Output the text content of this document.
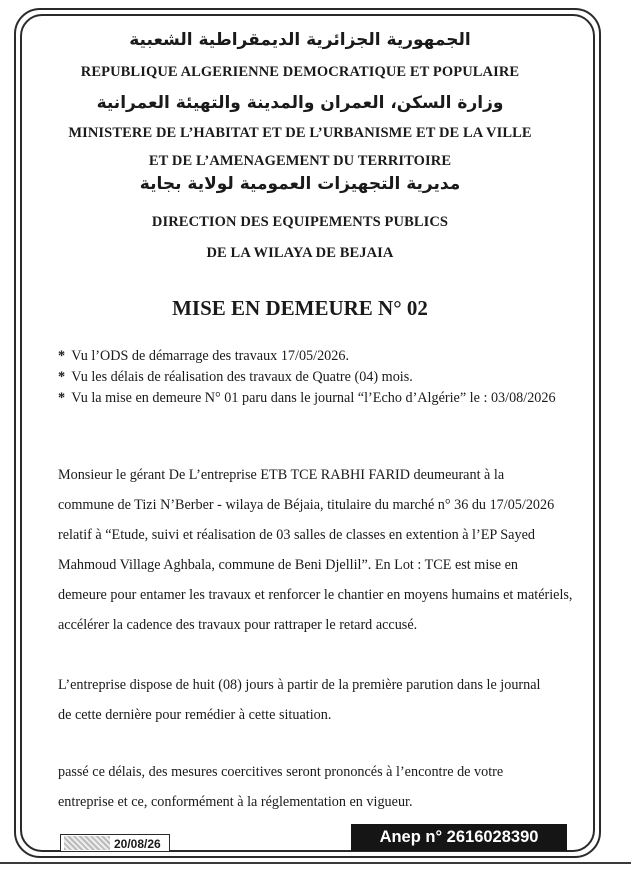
الجمهورية الجزائرية الديمقراطية الشعبية
REPUBLIQUE ALGERIENNE DEMOCRATIQUE ET POPULAIRE
وزارة السكن، العمران والمدينة والتهيئة العمرانية
MINISTERE DE L’HABITAT ET DE L’URBANISME ET DE LA VILLE
ET DE L’AMENAGEMENT DU TERRITOIRE
مديرية التجهيزات العمومية لولاية بجاية
DIRECTION DES EQUIPEMENTS PUBLICS
DE LA WILAYA DE BEJAIA
MISE EN DEMEURE N° 02
* Vu l’ODS de démarrage des travaux 17/05/2026.
* Vu les délais de réalisation des travaux de Quatre (04) mois.
* Vu la mise en demeure N° 01 paru dans le journal “l’Echo d’Algérie” le : 03/08/2026
Monsieur le gérant De L’entreprise ETB TCE RABHI FARID deumeurant à la
commune de Tizi N’Berber - wilaya de Béjaia, titulaire du marché n° 36 du 17/05/2026
relatif à “Etude, suivi et réalisation de 03 salles de classes en extention à l’EP Sayed
Mahmoud Village Aghbala, commune de Beni Djellil”. En Lot : TCE est mise en
demeure pour entamer les travaux et renforcer le chantier en moyens humains et matériels,
accélérer la cadence des travaux pour rattraper le retard accusé.
L’entreprise dispose de huit (08) jours à partir de la première parution dans le journal
de cette dernière pour remédier à cette situation.
passé ce délais, des mesures coercitives seront prononcés à l’encontre de votre
entreprise et ce, conformément à la réglementation en vigueur.
20/08/26	Anep n° 2616028390
